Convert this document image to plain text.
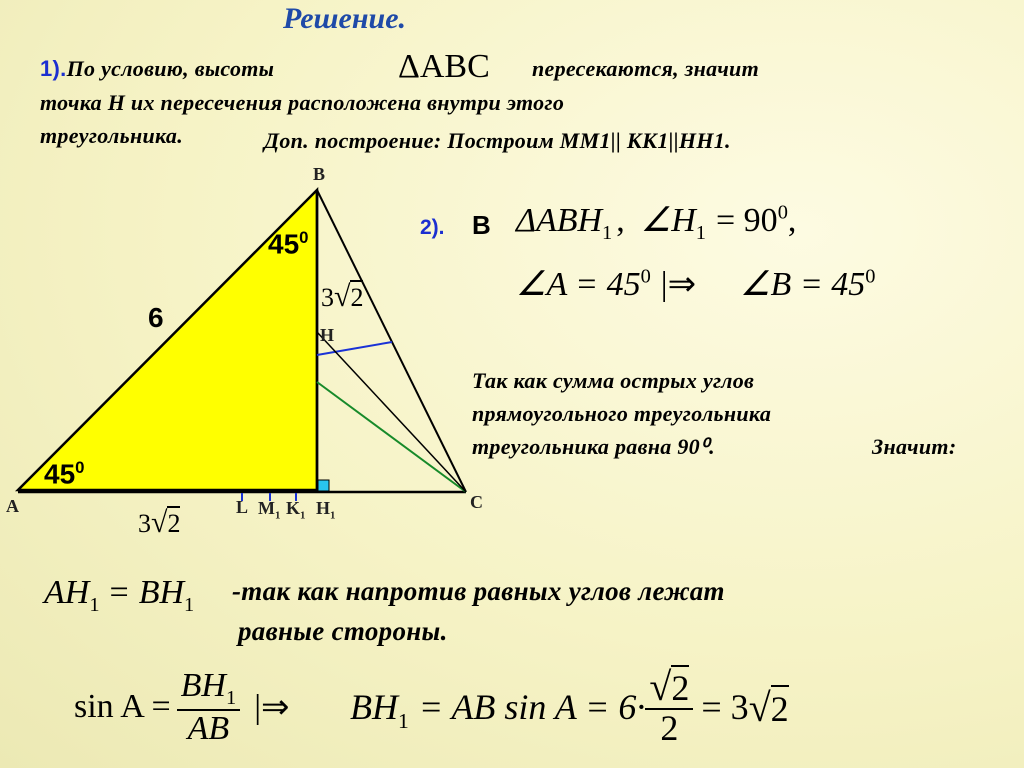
Решение.
1).По условию, высоты	ΔABC пересекаются, значит
точка Н их пересечения расположена внутри этого
треугольника.	Доп. построение: Построим ММ1|| КК1||НН1.
B
H
A	C
L $M_1$ $K_1$ $H_1$
$45^0$
$45^0$
6
3√2
3√2
2). В $\Delta ABH_1$ , $\angle H_1 = 90^0$,
∠A = $45^0$ |⇒ ∠B = $45^0$
Так как сумма острых углов
прямоугольного треугольника
треугольника равна 90⁰.	Значит:
$AH_1 = BH_1$ -так как напротив равных углов лежат
равные стороны.
$\sin A = \frac{BH_1}{AB}$ |⇒ $BH_1$ = AB $\sin A = 6\cdot \frac{√2}{2} = 3$ √ 2
